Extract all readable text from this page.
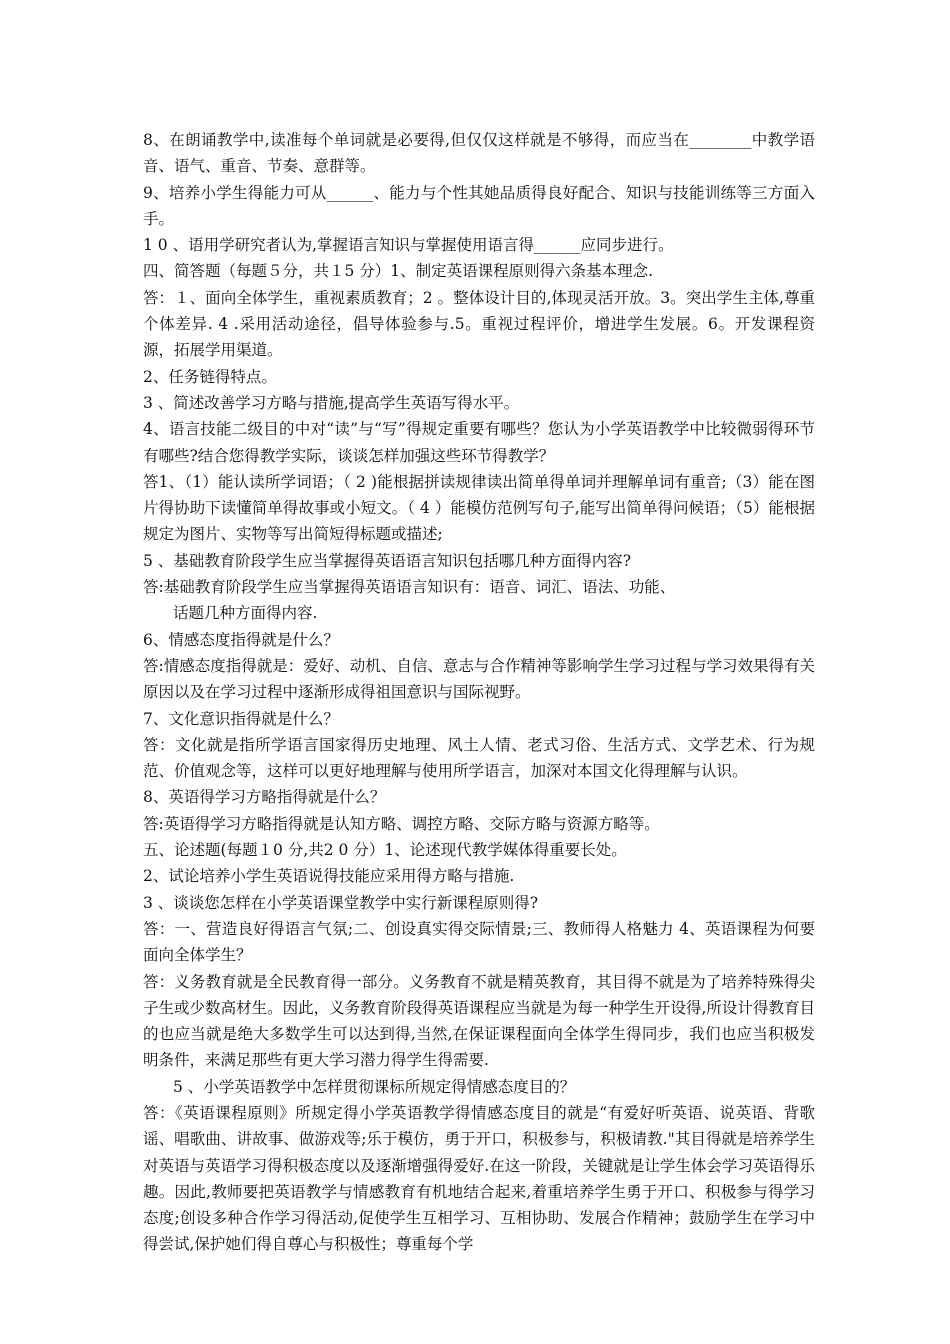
8、在朗诵教学中,读准每个单词就是必要得,但仅仅这样就是不够得，而应当在________中教学语音、语气、重音、节奏、意群等。

9、培养小学生得能力可从______、能力与个性其她品质得良好配合、知识与技能训练等三方面入手。

1 0 、语用学研究者认为,掌握语言知识与掌握使用语言得______应同步进行。

四、简答题（每题５分，共１5 分）1、制定英语课程原则得六条基本理念.

答：１、面向全体学生，重视素质教育；2 。整体设计目的,体现灵活开放。3。突出学生主体,尊重个体差异. 4 .采用活动途径，倡导体验参与.5。重视过程评价，增进学生发展。6。开发课程资源，拓展学用渠道。

2、任务链得特点。

3 、简述改善学习方略与措施,提高学生英语写得水平。

4、语言技能二级目的中对“读”与“写”得规定重要有哪些？您认为小学英语教学中比较微弱得环节有哪些?结合您得教学实际，谈谈怎样加强这些环节得教学？

答1、（1）能认读所学词语；（ 2 )能根据拼读规律读出简单得单词并理解单词有重音;（3）能在图片得协助下读懂简单得故事或小短文。（ 4 ）能模仿范例写句子,能写出简单得问候语；（5）能根据规定为图片、实物等写出简短得标题或描述;

5 、基础教育阶段学生应当掌握得英语语言知识包括哪几种方面得内容?

答:基础教育阶段学生应当掌握得英语语言知识有：语音、词汇、语法、功能、

话题几种方面得内容.

6、情感态度指得就是什么？

答:情感态度指得就是：爱好、动机、自信、意志与合作精神等影响学生学习过程与学习效果得有关原因以及在学习过程中逐渐形成得祖国意识与国际视野。

7、文化意识指得就是什么？

答：文化就是指所学语言国家得历史地理、风土人情、老式习俗、生活方式、文学艺术、行为规范、价值观念等，这样可以更好地理解与使用所学语言，加深对本国文化得理解与认识。

8、英语得学习方略指得就是什么？

答:英语得学习方略指得就是认知方略、调控方略、交际方略与资源方略等。

五、论述题(每题１0 分,共2 0 分）1、论述现代教学媒体得重要长处。

2、试论培养小学生英语说得技能应采用得方略与措施.

3 、谈谈您怎样在小学英语课堂教学中实行新课程原则得?

答：一、营造良好得语言气氛;二、创设真实得交际情景;三、教师得人格魅力 4、英语课程为何要面向全体学生？

答：义务教育就是全民教育得一部分。义务教育不就是精英教育，其目得不就是为了培养特殊得尖子生或少数高材生。因此，义务教育阶段得英语课程应当就是为每一种学生开设得,所设计得教育目的也应当就是绝大多数学生可以达到得,当然,在保证课程面向全体学生得同步，我们也应当积极发明条件，来满足那些有更大学习潜力得学生得需要.

5 、小学英语教学中怎样贯彻课标所规定得情感态度目的？

答：《英语课程原则》所规定得小学英语教学得情感态度目的就是“有爱好听英语、说英语、背歌谣、唱歌曲、讲故事、做游戏等;乐于模仿，勇于开口，积极参与，积极请教."其目得就是培养学生对英语与英语学习得积极态度以及逐渐增强得爱好.在这一阶段，关键就是让学生体会学习英语得乐趣。因此,教师要把英语教学与情感教育有机地结合起来,着重培养学生勇于开口、积极参与得学习态度;创设多种合作学习得活动,促使学生互相学习、互相协助、发展合作精神；鼓励学生在学习中得尝试,保护她们得自尊心与积极性；尊重每个学
